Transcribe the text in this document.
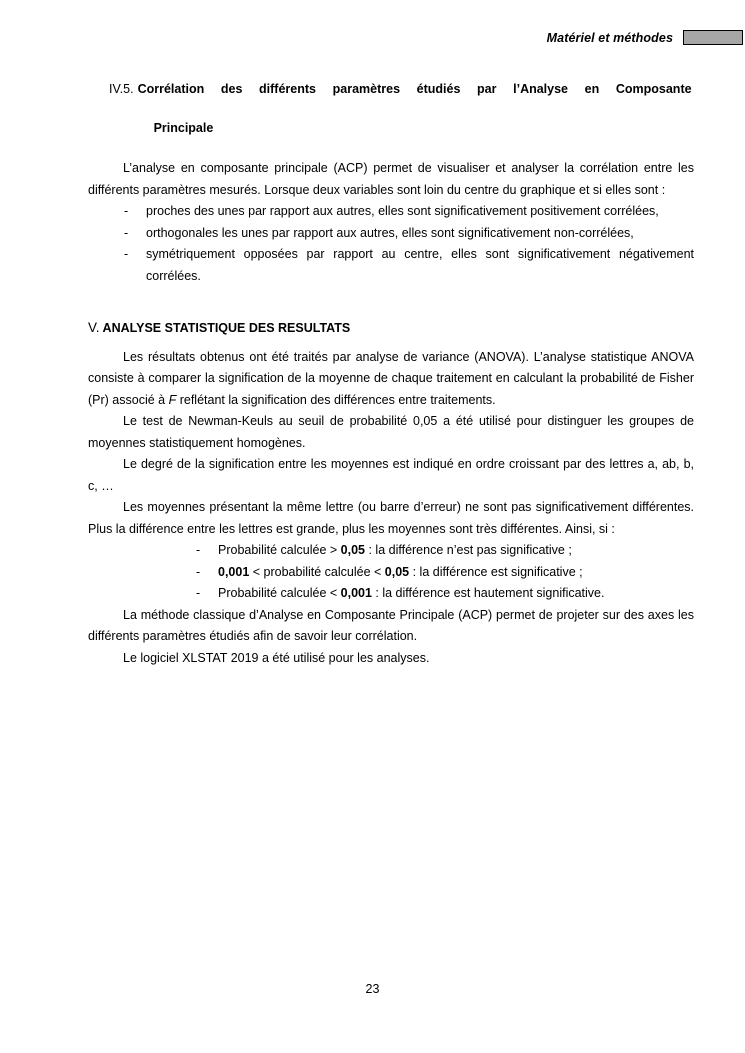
Matériel et méthodes
IV.5. Corrélation des différents paramètres étudiés par l’Analyse en Composante
Principale

L’analyse en composante principale (ACP) permet de visualiser et analyser la corrélation entre les différents paramètres mesurés. Lorsque deux variables sont loin du centre du graphique et si elles sont :

-	proches des unes par rapport aux autres, elles sont significativement positivement corrélées,
-	orthogonales les unes par rapport aux autres, elles sont significativement non-corrélées,
-	symétriquement opposées par rapport au centre, elles sont significativement négativement corrélées.
V. ANALYSE STATISTIQUE DES RESULTATS

Les résultats obtenus ont été traités par analyse de variance (ANOVA). L’analyse statistique ANOVA consiste à comparer la signification de la moyenne de chaque traitement en calculant la probabilité de Fisher (Pr) associé à F reflétant la signification des différences entre traitements.

Le test de Newman-Keuls au seuil de probabilité 0,05 a été utilisé pour distinguer les groupes de moyennes statistiquement homogènes.

Le degré de la signification entre les moyennes est indiqué en ordre croissant par des lettres a, ab, b, c, …

Les moyennes présentant la même lettre (ou barre d’erreur) ne sont pas significativement différentes. Plus la différence entre les lettres est grande, plus les moyennes sont très différentes. Ainsi, si :

-	Probabilité calculée > 0,05 : la différence n’est pas significative ;
-	0,001 < probabilité calculée < 0,05 : la différence est significative ;
-	Probabilité calculée < 0,001 : la différence est hautement significative.

La méthode classique d’Analyse en Composante Principale (ACP) permet de projeter sur des axes les différents paramètres étudiés afin de savoir leur corrélation.

Le logiciel XLSTAT 2019 a été utilisé pour les analyses.

23
